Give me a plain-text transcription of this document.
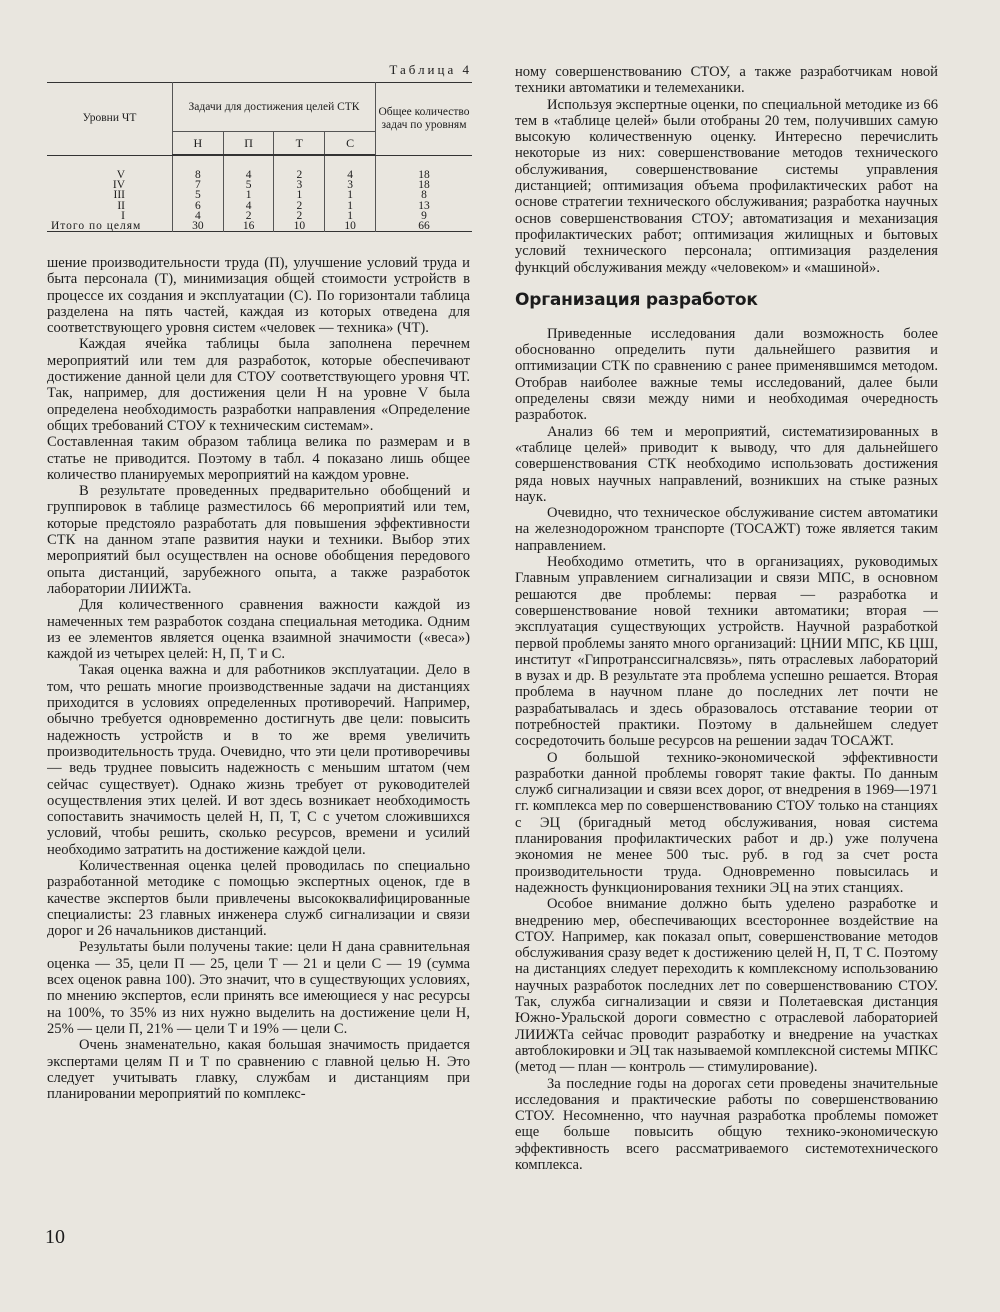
Таблица 4
Уровни ЧТ	Задачи для достижения целей СТК				Общее количество задач по уровням
	Н	П	Т	С	

V	8	4	2	4	18
IV	7	5	3	3	18
III	5	1	1	1	8
II	6	4	2	1	13
I	4	2	2	1	9
Итого по целям	30	16	10	10	66

шение производительности труда (П), улучшение условий труда и быта персонала (Т), минимизация общей стоимости устройств в процессе их создания и эксплуатации (С). По горизонтали таблица разделена на пять частей, каждая из которых отведена для соответствующего уровня систем «человек — техника» (ЧТ).

Каждая ячейка таблицы была заполнена перечнем мероприятий или тем для разработок, которые обеспечивают достижение данной цели для СТОУ соответствующего уровня ЧТ. Так, например, для достижения цели Н на уровне V была определена необходимость разработки направления «Определение общих требований СТОУ к техническим системам».

Составленная таким образом таблица велика по размерам и в статье не приводится. Поэтому в табл. 4 показано лишь общее количество планируемых мероприятий на каждом уровне.

В результате проведенных предварительно обобщений и группировок в таблице разместилось 66 мероприятий или тем, которые предстояло разработать для повышения эффективности СТК на данном этапе развития науки и техники. Выбор этих мероприятий был осуществлен на основе обобщения передового опыта дистанций, зарубежного опыта, а также разработок лаборатории ЛИИЖТа.

Для количественного сравнения важности каждой из намеченных тем разработок создана специальная методика. Одним из ее элементов является оценка взаимной значимости («веса») каждой из четырех целей: Н, П, Т и С.

Такая оценка важна и для работников эксплуатации. Дело в том, что решать многие производственные задачи на дистанциях приходится в условиях определенных противоречий. Например, обычно требуется одновременно достигнуть две цели: повысить надежность устройств и в то же время увеличить производительность труда. Очевидно, что эти цели противоречивы — ведь труднее повысить надежность с меньшим штатом (чем сейчас существует). Однако жизнь требует от руководителей осуществления этих целей. И вот здесь возникает необходимость сопоставить значимость целей Н, П, Т, С с учетом сложившихся условий, чтобы решить, сколько ресурсов, времени и усилий необходимо затратить на достижение каждой цели.

Количественная оценка целей проводилась по специально разработанной методике с помощью экспертных оценок, где в качестве экспертов были привлечены высококвалифицированные специалисты: 23 главных инженера служб сигнализации и связи дорог и 26 начальников дистанций.

Результаты были получены такие: цели Н дана сравнительная оценка — 35, цели П — 25, цели Т — 21 и цели С — 19 (сумма всех оценок равна 100). Это значит, что в существующих условиях, по мнению экспертов, если принять все имеющиеся у нас ресурсы на 100%, то 35% из них нужно выделить на достижение цели Н, 25% — цели П, 21% — цели Т и 19% — цели С.

Очень знаменательно, какая большая значимость придается экспертами целям П и Т по сравнению с главной целью Н. Это следует учитывать главку, службам и дистанциям при планировании мероприятий по комплекс-

ному совершенствованию СТОУ, а также разработчикам новой техники автоматики и телемеханики.

Используя экспертные оценки, по специальной методике из 66 тем в «таблице целей» были отобраны 20 тем, получивших самую высокую количественную оценку. Интересно перечислить некоторые из них: совершенствование методов технического обслуживания, совершенствование системы управления дистанцией; оптимизация объема профилактических работ на основе стратегии технического обслуживания; разработка научных основ совершенствования СТОУ; автоматизация и механизация профилактических работ; оптимизация жилищных и бытовых условий технического персонала; оптимизация разделения функций обслуживания между «человеком» и «машиной».

Организация разработок

Приведенные исследования дали возможность более обоснованно определить пути дальнейшего развития и оптимизации СТК по сравнению с ранее применявшимся методом. Отобрав наиболее важные темы исследований, далее были определены связи между ними и необходимая очередность разработок.

Анализ 66 тем и мероприятий, систематизированных в «таблице целей» приводит к выводу, что для дальнейшего совершенствования СТК необходимо использовать достижения ряда новых научных направлений, возникших на стыке разных наук.

Очевидно, что техническое обслуживание систем автоматики на железнодорожном транспорте (ТОСАЖТ) тоже является таким направлением.

Необходимо отметить, что в организациях, руководимых Главным управлением сигнализации и связи МПС, в основном решаются две проблемы: первая — разработка и совершенствование новой техники автоматики; вторая — эксплуатация существующих устройств. Научной разработкой первой проблемы занято много организаций: ЦНИИ МПС, КБ ЦШ, институт «Гипротранссигналсвязь», пять отраслевых лабораторий в вузах и др. В результате эта проблема успешно решается. Вторая проблема в научном плане до последних лет почти не разрабатывалась и здесь образовалось отставание теории от потребностей практики. Поэтому в дальнейшем следует сосредоточить больше ресурсов на решении задач ТОСАЖТ.

О большой технико-экономической эффективности разработки данной проблемы говорят такие факты. По данным служб сигнализации и связи всех дорог, от внедрения в 1969—1971 гг. комплекса мер по совершенствованию СТОУ только на станциях с ЭЦ (бригадный метод обслуживания, новая система планирования профилактических работ и др.) уже получена экономия не менее 500 тыс. руб. в год за счет роста производительности труда. Одновременно повысилась и надежность функционирования техники ЭЦ на этих станциях.

Особое внимание должно быть уделено разработке и внедрению мер, обеспечивающих всестороннее воздействие на СТОУ. Например, как показал опыт, совершенствование методов обслуживания сразу ведет к достижению целей Н, П, Т С. Поэтому на дистанциях следует переходить к комплексному использованию научных разработок последних лет по совершенствованию СТОУ. Так, служба сигнализации и связи и Полетаевская дистанция Южно-Уральской дороги совместно с отраслевой лабораторией ЛИИЖТа сейчас проводит разработку и внедрение на участках автоблокировки и ЭЦ так называемой комплексной системы МПКС (метод — план — контроль — стимулирование).

За последние годы на дорогах сети проведены значительные исследования и практические работы по совершенствованию СТОУ. Несомненно, что научная разработка проблемы поможет еще больше повысить общую технико-экономическую эффективность всего рассматриваемого системотехнического комплекса.

10
